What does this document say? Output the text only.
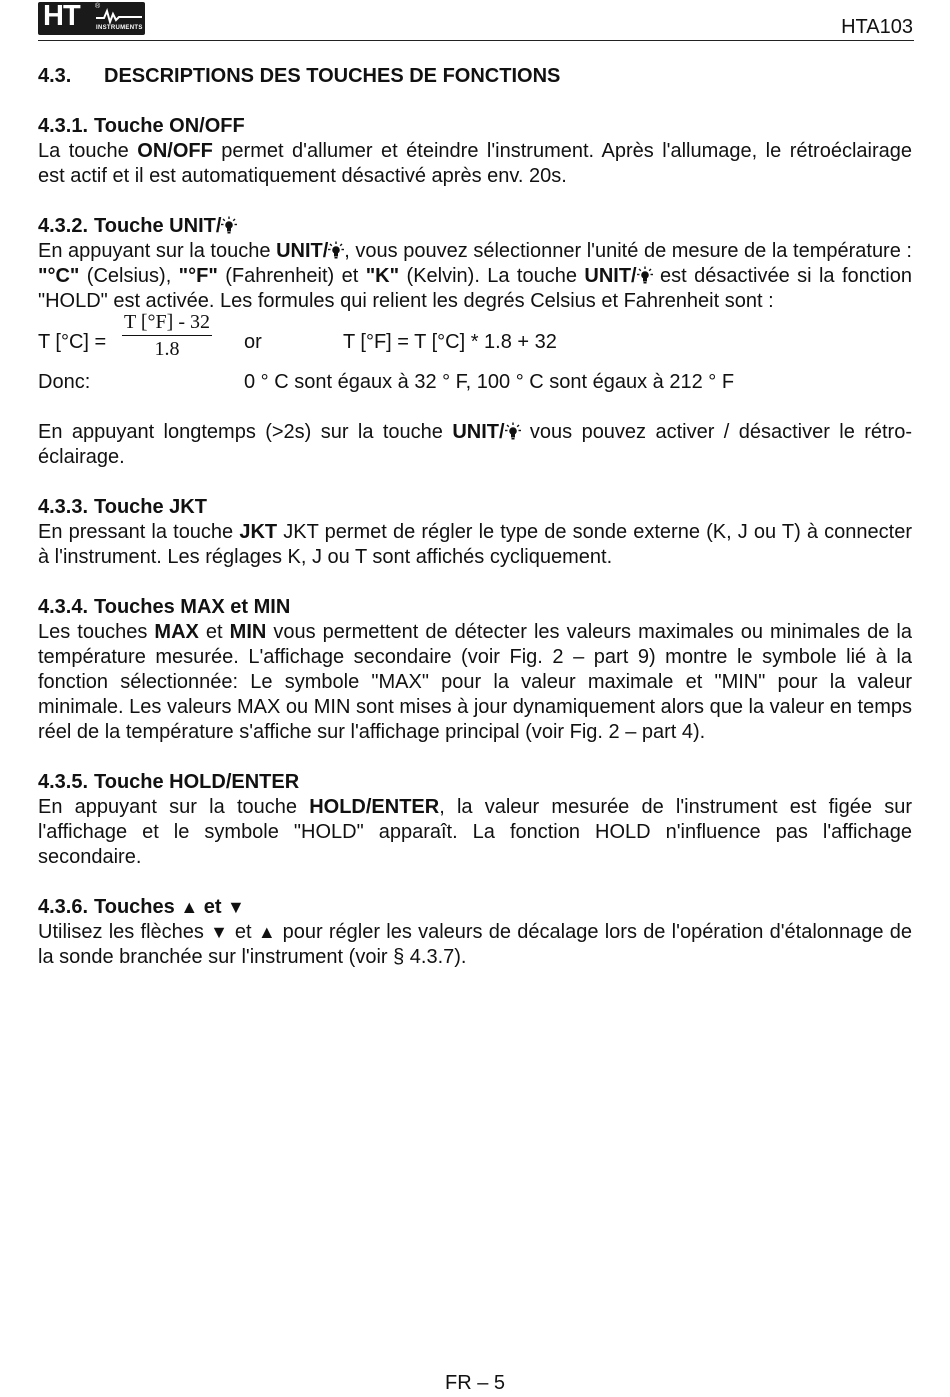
HT ®
INSTRUMENTS	HTA103
4.3. DESCRIPTIONS DES TOUCHES DE FONCTIONS
4.3.1. Touche ON/OFF

La touche ON/OFF permet d'allumer et éteindre l'instrument. Après l'allumage, le rétroéclairage est actif et il est automatiquement désactivé après env. 20s.

4.3.2. Touche UNIT/

En appuyant sur la touche UNIT/ , vous pouvez sélectionner l'unité de mesure de la température : "°C" (Celsius), "°F" (Fahrenheit) et "K" (Kelvin). La touche UNIT/ est désactivée si la fonction "HOLD" est activée. Les formules qui relient les degrés Celsius et Fahrenheit sont :

T $[^\circ C] = \frac{T [^\circ F] - 32}{1.8}$ or	T [°F] = T [°C] * 1.8 + 32
Donc:	0 ° C sont égaux à 32 ° F, 100 ° C sont égaux à 212 ° F

En appuyant longtemps (>2s) sur la touche UNIT/ vous pouvez activer / désactiver le rétro-éclairage.

4.3.3. Touche JKT

En pressant la touche JKT JKT permet de régler le type de sonde externe (K, J ou T) à connecter à l'instrument. Les réglages K, J ou T sont affichés cycliquement.

4.3.4. Touches MAX et MIN

Les touches MAX et MIN vous permettent de détecter les valeurs maximales ou minimales de la température mesurée. L'affichage secondaire (voir Fig. 2 – part 9) montre le symbole lié à la fonction sélectionnée: Le symbole "MAX" pour la valeur maximale et "MIN" pour la valeur minimale. Les valeurs MAX ou MIN sont mises à jour dynamiquement alors que la valeur en temps réel de la température s'affiche sur l'affichage principal (voir Fig. 2 – part 4).

4.3.5. Touche HOLD/ENTER

En appuyant sur la touche HOLD/ENTER, la valeur mesurée de l'instrument est figée sur l'affichage et le symbole "HOLD" apparaît. La fonction HOLD n'influence pas l'affichage secondaire.

4.3.6. Touches ▲ et ▼

Utilisez les flèches ▼ et ▲ pour régler les valeurs de décalage lors de l'opération d'étalonnage de la sonde branchée sur l'instrument (voir § 4.3.7).

FR – 5
